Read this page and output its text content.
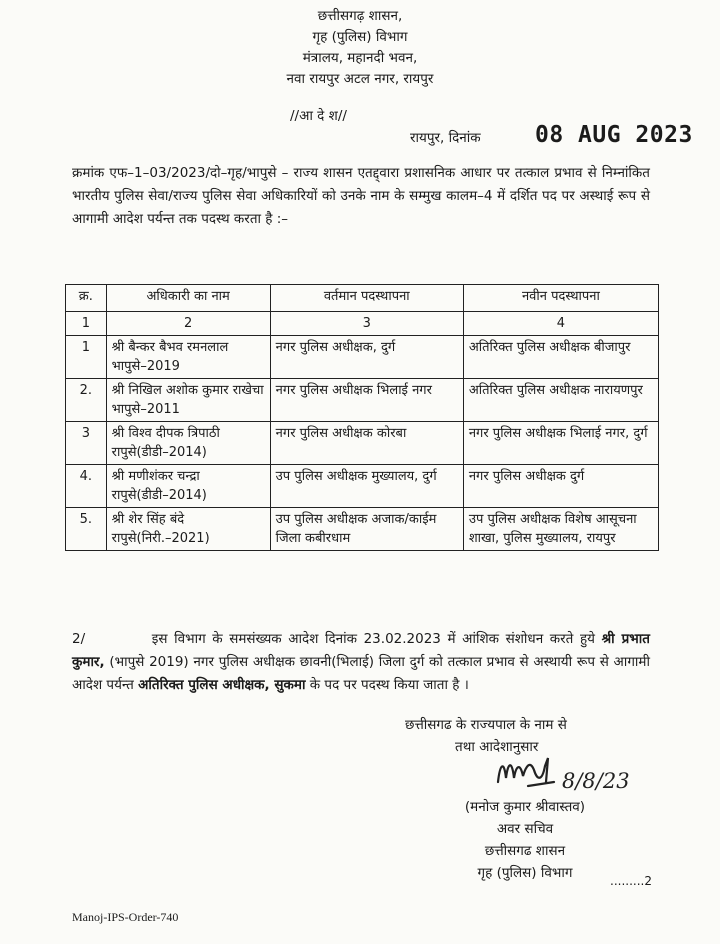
छत्तीसगढ़ शासन,
गृह (पुलिस) विभाग
मंत्रालय, महानदी भवन,
नवा रायपुर अटल नगर, रायपुर
//आ दे श//
रायपुर, दिनांक 08 AUG 2023
क्रमांक एफ–1–03/2023/दो–गृह/भापुसे – राज्य शासन एतद्द्वारा प्रशासनिक आधार पर तत्काल प्रभाव से निम्नांकित भारतीय पुलिस सेवा/राज्य पुलिस सेवा अधिकारियों को उनके नाम के सम्मुख कालम–4 में दर्शित पद पर अस्थाई रूप से आगामी आदेश पर्यन्त तक पदस्थ करता है :–
क्र.	अधिकारी का नाम	वर्तमान पदस्थापना	नवीन पदस्थापना
1	2	3	4
1	श्री बैन्कर बैभव रमनलाल
भापुसे–2019	नगर पुलिस अधीक्षक, दुर्ग	अतिरिक्त पुलिस अधीक्षक बीजापुर
2.	श्री निखिल अशोक कुमार राखेचा
भापुसे–2011	नगर पुलिस अधीक्षक भिलाई नगर	अतिरिक्त पुलिस अधीक्षक नारायणपुर
3	श्री विश्व दीपक त्रिपाठी
रापुसे(डीडी–2014)	नगर पुलिस अधीक्षक कोरबा	नगर पुलिस अधीक्षक भिलाई नगर, दुर्ग
4.	श्री मणीशंकर चन्द्रा
रापुसे(डीडी–2014)	उप पुलिस अधीक्षक मुख्यालय, दुर्ग	नगर पुलिस अधीक्षक दुर्ग
5.	श्री शेर सिंह बंदे
रापुसे(निरी.–2021)	उप पुलिस अधीक्षक अजाक/काईम जिला कबीरधाम	उप पुलिस अधीक्षक विशेष आसूचना शाखा, पुलिस मुख्यालय, रायपुर
2/	इस विभाग के समसंख्यक आदेश दिनांक 23.02.2023 में आंशिक संशोधन करते हुये श्री प्रभात कुमार, (भापुसे 2019) नगर पुलिस अधीक्षक छावनी(भिलाई) जिला दुर्ग को तत्काल प्रभाव से अस्थायी रूप से आगामी आदेश पर्यन्त अतिरिक्त पुलिस अधीक्षक, सुकमा के पद पर पदस्थ किया जाता है ।
छत्तीसगढ के राज्यपाल के नाम से
तथा आदेशानुसार
8/8/23
(मनोज कुमार श्रीवास्तव)
अवर सचिव
छत्तीसगढ शासन
गृह (पुलिस) विभाग	.........2
Manoj-IPS-Order-740
